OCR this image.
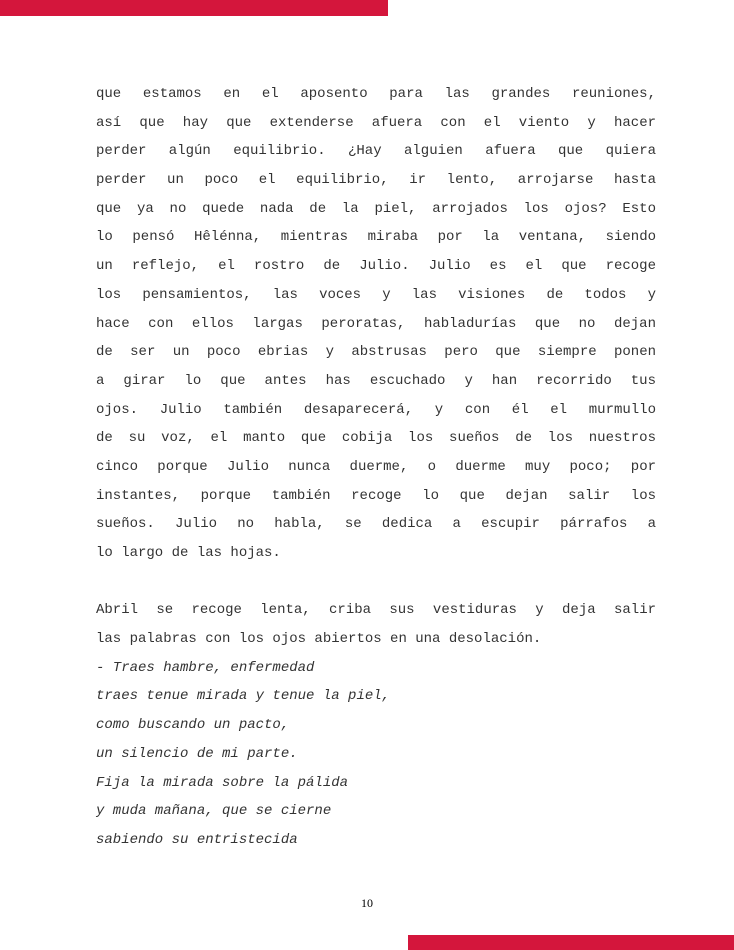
que estamos en el aposento para las grandes reuniones,
así que hay que extenderse afuera con el viento y hacer
perder algún equilibrio. ¿Hay alguien afuera que quiera
perder un poco el equilibrio, ir lento, arrojarse hasta
que ya no quede nada de la piel, arrojados los ojos? Esto
lo pensó Hêlénna, mientras miraba por la ventana, siendo
un reflejo, el rostro de Julio. Julio es el que recoge
los pensamientos, las voces y las visiones de todos y
hace con ellos largas peroratas, habladurías que no dejan
de ser un poco ebrias y abstrusas pero que siempre ponen
a girar lo que antes has escuchado y han recorrido tus
ojos. Julio también desaparecerá, y con él el murmullo
de su voz, el manto que cobija los sueños de los nuestros
cinco porque Julio nunca duerme, o duerme muy poco; por
instantes, porque también recoge lo que dejan salir los
sueños. Julio no habla, se dedica a escupir párrafos a
lo largo de las hojas.
Abril se recoge lenta, criba sus vestiduras y deja salir
las palabras con los ojos abiertos en una desolación.
- Traes hambre, enfermedad
traes tenue mirada y tenue la piel,
como buscando un pacto,
un silencio de mi parte.
Fija la mirada sobre la pálida
y muda mañana, que se cierne
sabiendo su entristecida
10
